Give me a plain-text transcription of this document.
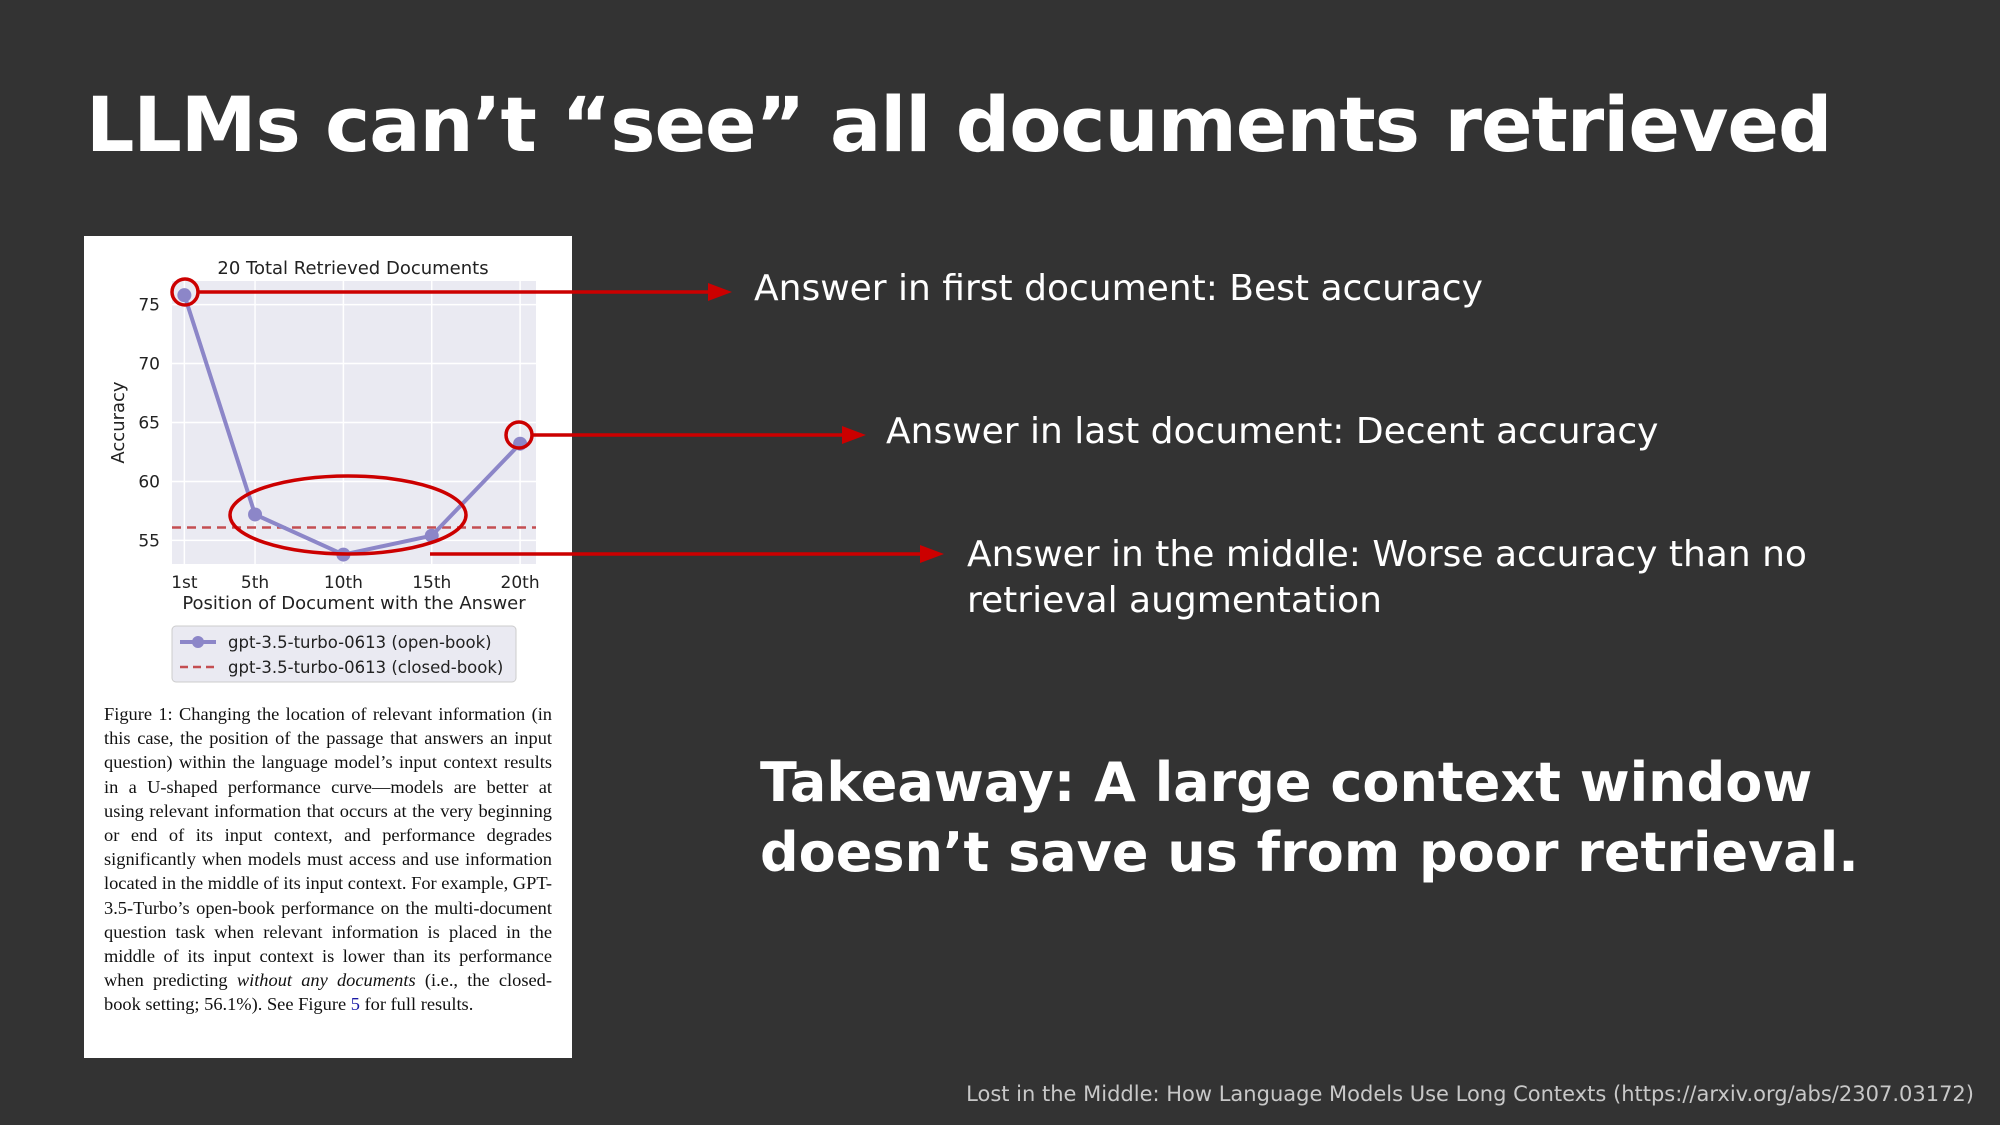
LLMs can’t “see” all documents retrieved
20 Total Retrieved Documents
55
60
65
70
75
1st	5th	10th	15th	20th
Position of Document with the Answer
Accuracy
gpt-3.5-turbo-0613 (open-book)
gpt-3.5-turbo-0613 (closed-book)

Figure 1: Changing the location of relevant information (in this case, the position of the passage that answers an input question) within the language model’s input context results in a U-shaped performance curve—models are better at using relevant information that occurs at the very beginning or end of its input context, and performance degrades significantly when models must access and use information located in the middle of its input context. For example, GPT-3.5-Turbo’s open-book performance on the multi-document question task when relevant information is placed in the middle of its input context is lower than its performance when predicting without any documents (i.e., the closed-book setting; 56.1%). See Figure 5 for full results.

Answer in first document: Best accuracy
Answer in last document: Decent accuracy
Answer in the middle: Worse accuracy than no retrieval augmentation

Takeaway: A large context window doesn’t save us from poor retrieval.

Lost in the Middle: How Language Models Use Long Contexts (https://arxiv.org/abs/2307.03172)
